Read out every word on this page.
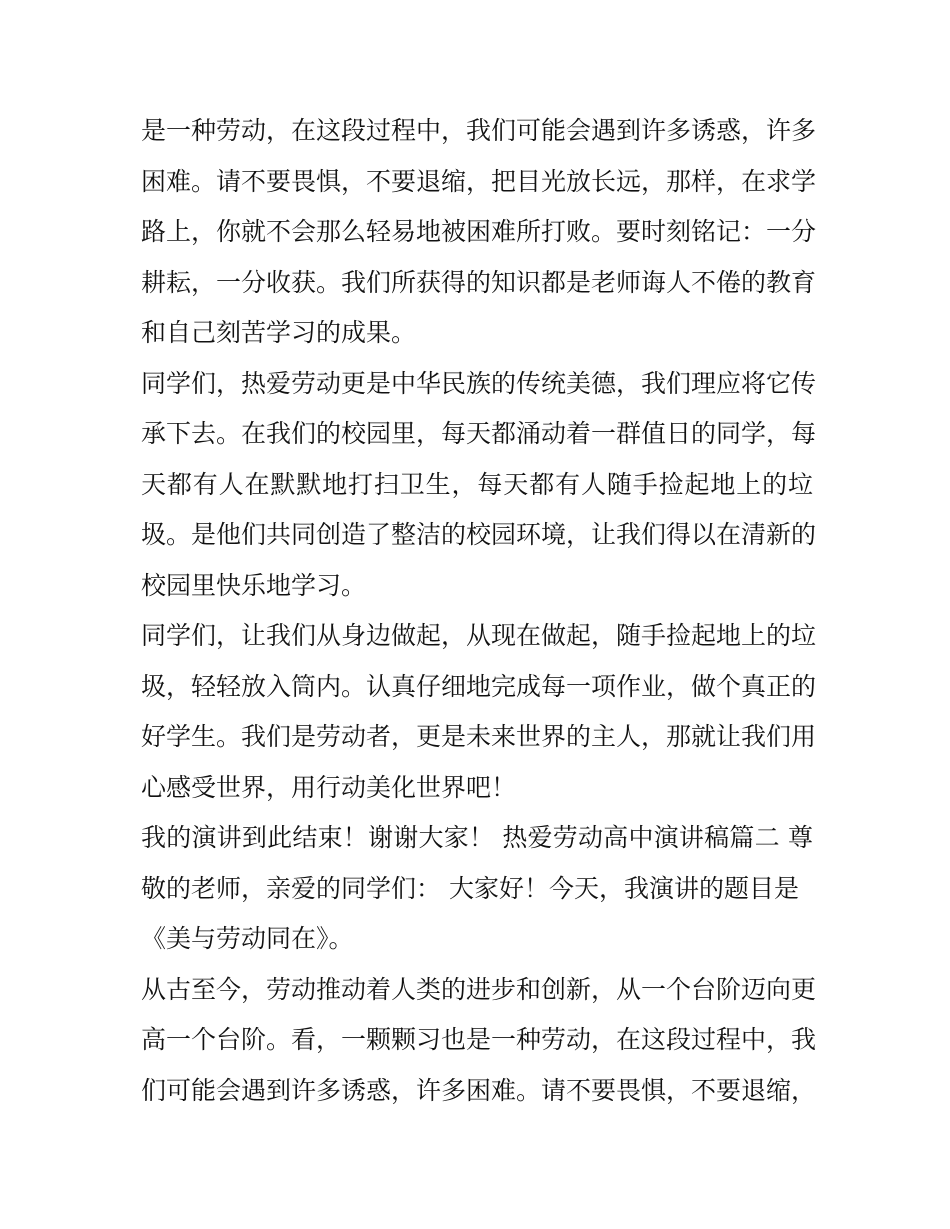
是一种劳动，在这段过程中，我们可能会遇到许多诱惑，许多
困难。请不要畏惧，不要退缩，把目光放长远，那样，在求学
路上，你就不会那么轻易地被困难所打败。要时刻铭记：一分
耕耘，一分收获。我们所获得的知识都是老师诲人不倦的教育
和自己刻苦学习的成果。
同学们，热爱劳动更是中华民族的传统美德，我们理应将它传
承下去。在我们的校园里，每天都涌动着一群值日的同学，每
天都有人在默默地打扫卫生，每天都有人随手捡起地上的垃
圾。是他们共同创造了整洁的校园环境，让我们得以在清新的
校园里快乐地学习。
同学们，让我们从身边做起，从现在做起，随手捡起地上的垃
圾，轻轻放入筒内。认真仔细地完成每一项作业，做个真正的
好学生。我们是劳动者，更是未来世界的主人，那就让我们用
心感受世界，用行动美化世界吧！
我的演讲到此结束！谢谢大家！ 热爱劳动高中演讲稿篇二 尊
敬的老师，亲爱的同学们： 大家好！今天，我演讲的题目是
《美与劳动同在》。
从古至今，劳动推动着人类的进步和创新，从一个台阶迈向更
高一个台阶。看，一颗颗习也是一种劳动，在这段过程中，我
们可能会遇到许多诱惑，许多困难。请不要畏惧，不要退缩，
